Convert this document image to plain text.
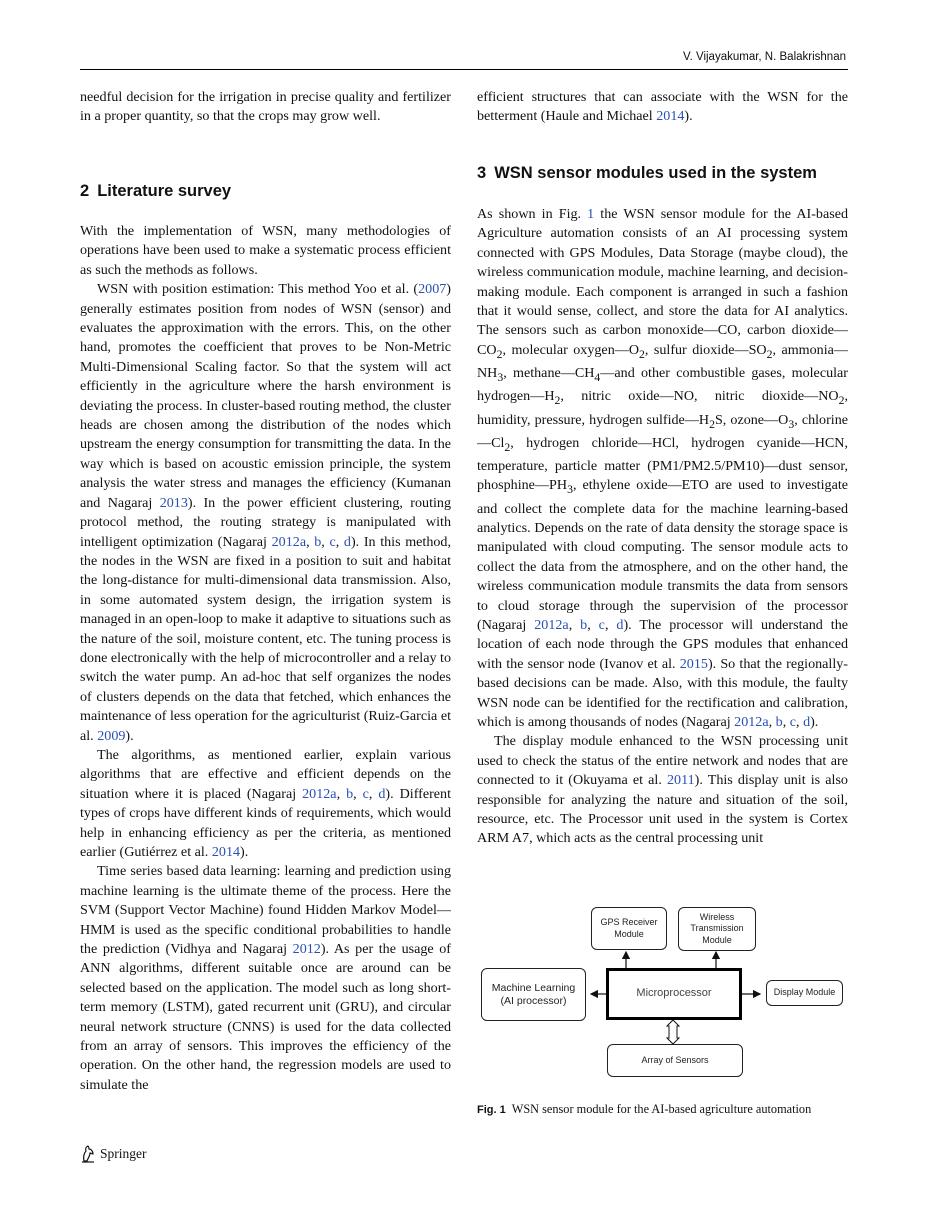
V. Vijayakumar, N. Balakrishnan

needful decision for the irrigation in precise quality and fertilizer in a proper quantity, so that the crops may grow well.

2 Literature survey

With the implementation of WSN, many methodologies of operations have been used to make a systematic process efficient as such the methods as follows.

WSN with position estimation: This method Yoo et al. (2007) generally estimates position from nodes of WSN (sensor) and evaluates the approximation with the errors. This, on the other hand, promotes the coefficient that proves to be Non-Metric Multi-Dimensional Scaling factor. So that the system will act efficiently in the agriculture where the harsh environment is deviating the process. In cluster-based routing method, the cluster heads are chosen among the distribution of the nodes which upstream the energy consumption for transmitting the data. In the way which is based on acoustic emission principle, the system analysis the water stress and manages the efficiency (Kumanan and Nagaraj 2013). In the power efficient clustering, routing protocol method, the routing strategy is manipulated with intelligent optimization (Nagaraj 2012a, b, c, d). In this method, the nodes in the WSN are fixed in a position to suit and habitat the long-distance for multi-dimensional data transmission. Also, in some automated system design, the irrigation system is managed in an open-loop to make it adaptive to situations such as the nature of the soil, moisture content, etc. The tuning process is done electronically with the help of microcontroller and a relay to switch the water pump. An ad-hoc that self organizes the nodes of clusters depends on the data that fetched, which enhances the maintenance of less operation for the agriculturist (Ruiz-Garcia et al. 2009).

The algorithms, as mentioned earlier, explain various algorithms that are effective and efficient depends on the situation where it is placed (Nagaraj 2012a, b, c, d). Different types of crops have different kinds of requirements, which would help in enhancing efficiency as per the criteria, as mentioned earlier (Gutiérrez et al. 2014).

Time series based data learning: learning and prediction using machine learning is the ultimate theme of the process. Here the SVM (Support Vector Machine) found Hidden Markov Model—HMM is used as the specific conditional probabilities to handle the prediction (Vidhya and Nagaraj 2012). As per the usage of ANN algorithms, different suitable once are around can be selected based on the application. The model such as long short-term memory (LSTM), gated recurrent unit (GRU), and circular neural network structure (CNNS) is used for the data collected from an array of sensors. This improves the efficiency of the operation. On the other hand, the regression models are used to simulate the

efficient structures that can associate with the WSN for the betterment (Haule and Michael 2014).

3 WSN sensor modules used in the system

As shown in Fig. 1 the WSN sensor module for the AI-based Agriculture automation consists of an AI processing system connected with GPS Modules, Data Storage (maybe cloud), the wireless communication module, machine learning, and decision-making module. Each component is arranged in such a fashion that it would sense, collect, and store the data for AI analytics. The sensors such as carbon monoxide—CO, carbon $dioxide—CO_2$, molecular $oxygen—O_2$, sulfur $dioxide—SO_2$, $ammonia—NH_3$, $methane—CH_4—and$ other combustible gases, molecular $hydrogen—H_2$, nitric oxide—NO, nitric $dioxide—NO_2$, humidity, pressure, hydrogen $sulfide—H_2S$, $ozone—O_3$, $chlorine—Cl_2$, hydrogen chloride—HCl, hydrogen cyanide—HCN, temperature, particle matter (PM1/PM2.5/PM10)—dust sensor, $phosphine—PH_3$, ethylene oxide—ETO are used to investigate and collect the complete data for the machine learning-based analytics. Depends on the rate of data density the storage space is manipulated with cloud computing. The sensor module acts to collect the data from the atmosphere, and on the other hand, the wireless communication module transmits the data from sensors to cloud storage through the supervision of the processor (Nagaraj 2012a, b, c, d). The processor will understand the location of each node through the GPS modules that enhanced with the sensor node (Ivanov et al. 2015). So that the regionally-based decisions can be made. Also, with this module, the faulty WSN node can be identified for the rectification and calibration, which is among thousands of nodes (Nagaraj 2012a, b, c, d).

The display module enhanced to the WSN processing unit used to check the status of the entire network and nodes that are connected to it (Okuyama et al. 2011). This display unit is also responsible for analyzing the nature and situation of the soil, resource, etc. The Processor unit used in the system is Cortex ARM A7, which acts as the central processing unit

GPS Receiver
Module
Wireless
Transmission
Module
Machine Learning
(AI processor)
Microprocessor	Display Module
Array of Sensors
Fig. 1 WSN sensor module for the AI-based agriculture automation
Springer
